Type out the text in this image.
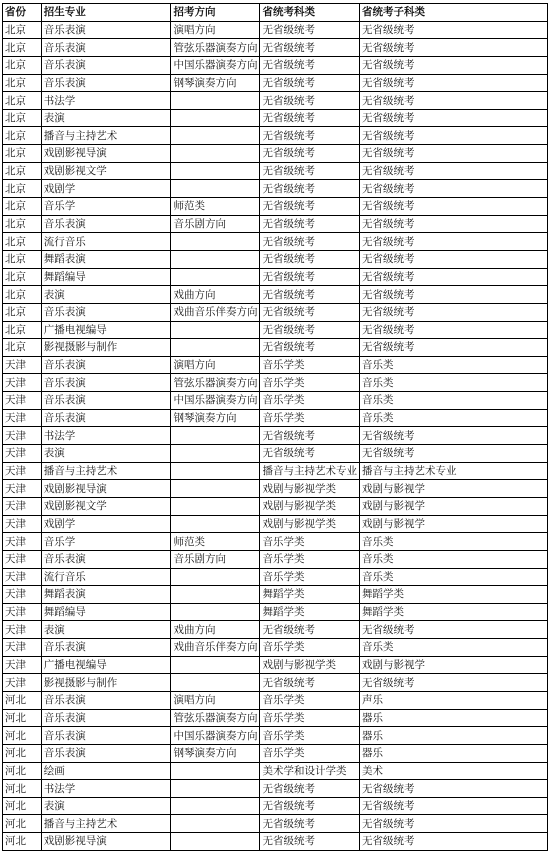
省份	招生专业	招考方向	省统考科类	省统考子科类
北京	音乐表演	演唱方向	无省级统考	无省级统考
北京	音乐表演	管弦乐器演奏方向	无省级统考	无省级统考
北京	音乐表演	中国乐器演奏方向	无省级统考	无省级统考
北京	音乐表演	钢琴演奏方向	无省级统考	无省级统考
北京	书法学		无省级统考	无省级统考
北京	表演		无省级统考	无省级统考
北京	播音与主持艺术		无省级统考	无省级统考
北京	戏剧影视导演		无省级统考	无省级统考
北京	戏剧影视文学		无省级统考	无省级统考
北京	戏剧学		无省级统考	无省级统考
北京	音乐学	师范类	无省级统考	无省级统考
北京	音乐表演	音乐剧方向	无省级统考	无省级统考
北京	流行音乐		无省级统考	无省级统考
北京	舞蹈表演		无省级统考	无省级统考
北京	舞蹈编导		无省级统考	无省级统考
北京	表演	戏曲方向	无省级统考	无省级统考
北京	音乐表演	戏曲音乐伴奏方向	无省级统考	无省级统考
北京	广播电视编导		无省级统考	无省级统考
北京	影视摄影与制作		无省级统考	无省级统考
天津	音乐表演	演唱方向	音乐学类	音乐类
天津	音乐表演	管弦乐器演奏方向	音乐学类	音乐类
天津	音乐表演	中国乐器演奏方向	音乐学类	音乐类
天津	音乐表演	钢琴演奏方向	音乐学类	音乐类
天津	书法学		无省级统考	无省级统考
天津	表演		无省级统考	无省级统考
天津	播音与主持艺术		播音与主持艺术专业	播音与主持艺术专业
天津	戏剧影视导演		戏剧与影视学类	戏剧与影视学
天津	戏剧影视文学		戏剧与影视学类	戏剧与影视学
天津	戏剧学		戏剧与影视学类	戏剧与影视学
天津	音乐学	师范类	音乐学类	音乐类
天津	音乐表演	音乐剧方向	音乐学类	音乐类
天津	流行音乐		音乐学类	音乐类
天津	舞蹈表演		舞蹈学类	舞蹈学类
天津	舞蹈编导		舞蹈学类	舞蹈学类
天津	表演	戏曲方向	无省级统考	无省级统考
天津	音乐表演	戏曲音乐伴奏方向	音乐学类	音乐类
天津	广播电视编导		戏剧与影视学类	戏剧与影视学
天津	影视摄影与制作		无省级统考	无省级统考
河北	音乐表演	演唱方向	音乐学类	声乐
河北	音乐表演	管弦乐器演奏方向	音乐学类	器乐
河北	音乐表演	中国乐器演奏方向	音乐学类	器乐
河北	音乐表演	钢琴演奏方向	音乐学类	器乐
河北	绘画		美术学和设计学类	美术
河北	书法学		无省级统考	无省级统考
河北	表演		无省级统考	无省级统考
河北	播音与主持艺术		无省级统考	无省级统考
河北	戏剧影视导演		无省级统考	无省级统考
